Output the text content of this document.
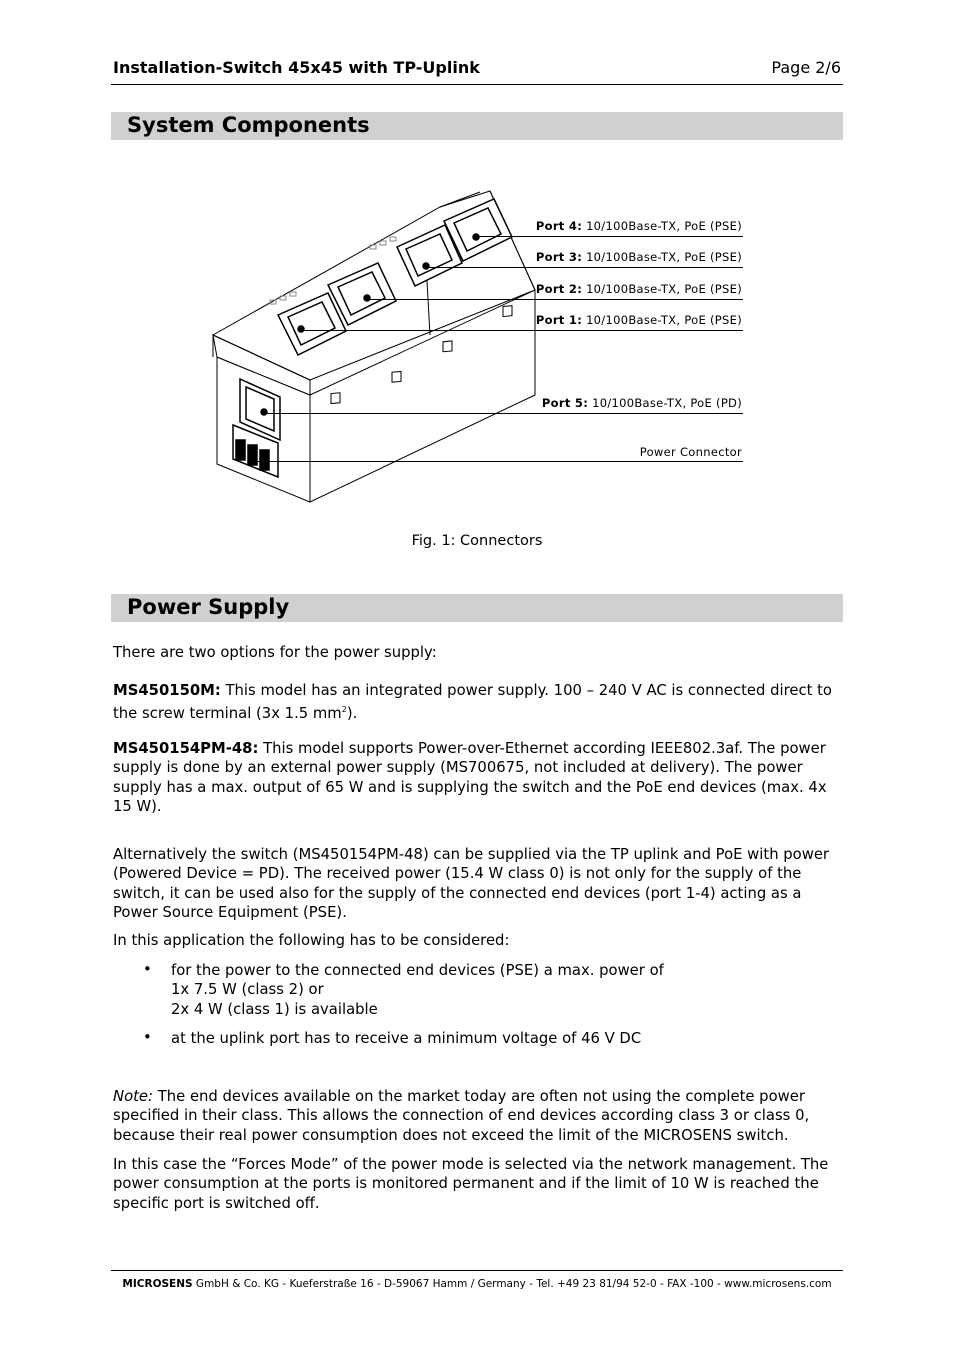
Installation-Switch 45x45 with TP-Uplink	Page 2/6
System Components
Port 4: 10/100Base-TX, PoE (PSE)
Port 3: 10/100Base-TX, PoE (PSE)
Port 2: 10/100Base-TX, PoE (PSE)
Port 1: 10/100Base-TX, PoE (PSE)
Port 5: 10/100Base-TX, PoE (PD)
Power Connector
Fig. 1: Connectors
Power Supply
There are two options for the power supply:
MS450150M: This model has an integrated power supply. 100 – 240 V AC is connected direct to the screw terminal (3x 1.5 $mm^2$).
MS450154PM-48: This model supports Power-over-Ethernet according IEEE802.3af. The power supply is done by an external power supply (MS700675, not included at delivery). The power supply has a max. output of 65 W and is supplying the switch and the PoE end devices (max. 4x 15 W).
Alternatively the switch (MS450154PM-48) can be supplied via the TP uplink and PoE with power (Powered Device = PD). The received power (15.4 W class 0) is not only for the supply of the switch, it can be used also for the supply of the connected end devices (port 1-4) acting as a Power Source Equipment (PSE).
In this application the following has to be considered:
• for the power to the connected end devices (PSE) a max. power of
1x 7.5 W (class 2) or
2x 4 W (class 1) is available
• at the uplink port has to receive a minimum voltage of 46 V DC
Note: The end devices available on the market today are often not using the complete power specified in their class. This allows the connection of end devices according class 3 or class 0, because their real power consumption does not exceed the limit of the MICROSENS switch.
In this case the “Forces Mode” of the power mode is selected via the network management. The power consumption at the ports is monitored permanent and if the limit of 10 W is reached the specific port is switched off.
MICROSENS GmbH & Co. KG - Kueferstraße 16 - D-59067 Hamm / Germany - Tel. +49 23 81/94 52-0 - FAX -100 - www.microsens.com
